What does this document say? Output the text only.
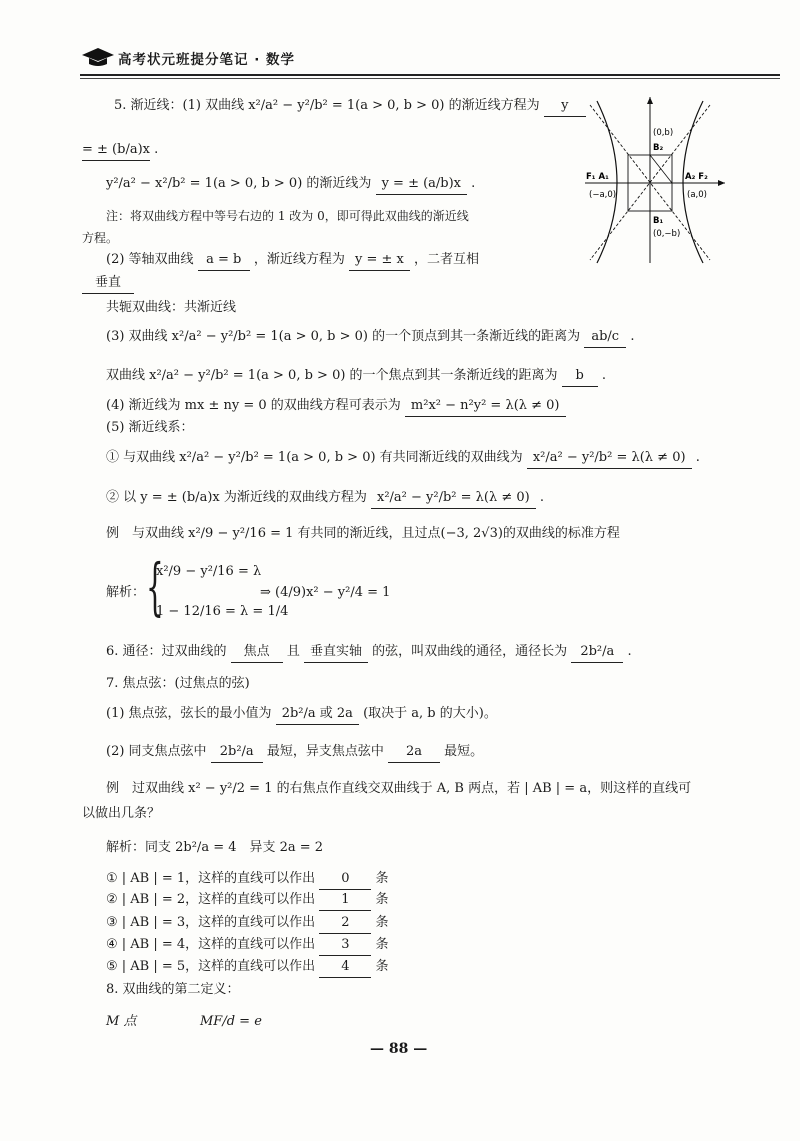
高考状元班提分笔记 · 数学
(0,b)
B₂
F₁ A₁	A₂ F₂
(−a,0)	(a,0)
B₁
(0,−b)
5. 渐近线：(1) 双曲线 x²/a² − y²/b² = 1(a > 0, b > 0) 的渐近线方程为 y
= ± (b/a)x .
y²/a² − x²/b² = 1(a > 0, b > 0) 的渐近线为 y = ± (a/b)x .
注：将双曲线方程中等号右边的 1 改为 0，即可得此双曲线的渐近线
方程。
(2) 等轴双曲线 a = b ，渐近线方程为 y = ± x ，二者互相
垂直
共轭双曲线：共渐近线
(3) 双曲线 x²/a² − y²/b² = 1(a > 0, b > 0) 的一个顶点到其一条渐近线的距离为 ab/c .
双曲线 x²/a² − y²/b² = 1(a > 0, b > 0) 的一个焦点到其一条渐近线的距离为 b .
(4) 渐近线为 mx ± ny = 0 的双曲线方程可表示为 m²x² − n²y² = λ(λ ≠ 0)
(5) 渐近线系：
① 与双曲线 x²/a² − y²/b² = 1(a > 0, b > 0) 有共同渐近线的双曲线为 x²/a² − y²/b² = λ(λ ≠ 0) .
② 以 y = ± (b/a)x 为渐近线的双曲线方程为 x²/a² − y²/b² = λ(λ ≠ 0) .
例　与双曲线 x²/9 − y²/16 = 1 有共同的渐近线，且过点(−3, 2√3)的双曲线的标准方程
解析： {
x²/9 − y²/16 = λ
1 − 12/16 = λ = 1/4
⇒ (4/9)x² − y²/4 = 1
6. 通径：过双曲线的 焦点 且 垂直实轴 的弦，叫双曲线的通径，通径长为 2b²/a .
7. 焦点弦：(过焦点的弦)
(1) 焦点弦，弦长的最小值为 2b²/a 或 2a (取决于 a, b 的大小)。
(2) 同支焦点弦中 2b²/a 最短，异支焦点弦中 2a 最短。
例　过双曲线 x² − y²/2 = 1 的右焦点作直线交双曲线于 A, B 两点，若 | AB | = a，则这样的直线可
以做出几条？
解析：同支 2b²/a = 4　异支 2a = 2
① | AB | = 1，这样的直线可以作出 0 条
② | AB | = 2，这样的直线可以作出 1 条
③ | AB | = 3，这样的直线可以作出 2 条
④ | AB | = 4，这样的直线可以作出 3 条
⑤ | AB | = 5，这样的直线可以作出 4 条
8. 双曲线的第二定义：
M 点	MF/d = e
— 88 —
